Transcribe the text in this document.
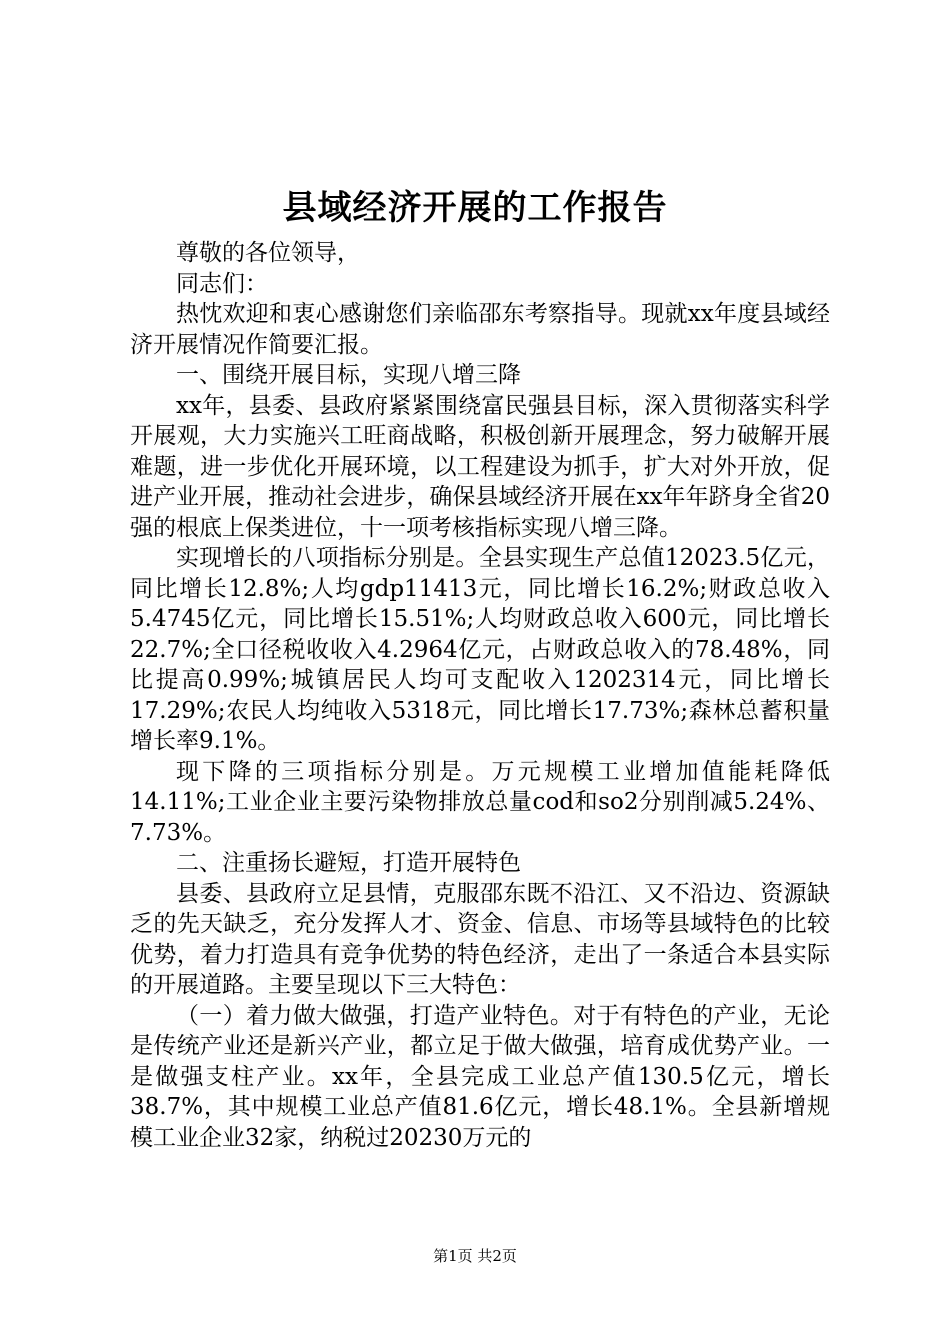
县域经济开展的工作报告

尊敬的各位领导，

同志们：

热忱欢迎和衷心感谢您们亲临邵东考察指导。现就xx年度县域经济开展情况作简要汇报。

一、围绕开展目标，实现八增三降

xx年，县委、县政府紧紧围绕富民强县目标，深入贯彻落实科学开展观，大力实施兴工旺商战略，积极创新开展理念，努力破解开展难题，进一步优化开展环境，以工程建设为抓手，扩大对外开放，促进产业开展，推动社会进步，确保县域经济开展在xx年年跻身全省20强的根底上保类进位，十一项考核指标实现八增三降。

实现增长的八项指标分别是。全县实现生产总值12023.5亿元，同比增长12.8%;人均gdp11413元，同比增长16.2%;财政总收入5.4745亿元，同比增长15.51%;人均财政总收入600元，同比增长22.7%;全口径税收收入4.2964亿元，占财政总收入的78.48%，同比提高0.99%;城镇居民人均可支配收入1202314元，同比增长17.29%;农民人均纯收入5318元，同比增长17.73%;森林总蓄积量增长率9.1%。

现下降的三项指标分别是。万元规模工业增加值能耗降低14.11%;工业企业主要污染物排放总量cod和so2分别削减5.24%、7.73%。

二、注重扬长避短，打造开展特色

县委、县政府立足县情，克服邵东既不沿江、又不沿边、资源缺乏的先天缺乏，充分发挥人才、资金、信息、市场等县域特色的比较优势，着力打造具有竞争优势的特色经济，走出了一条适合本县实际的开展道路。主要呈现以下三大特色：

（一）着力做大做强，打造产业特色。对于有特色的产业，无论是传统产业还是新兴产业，都立足于做大做强，培育成优势产业。一是做强支柱产业。xx年，全县完成工业总产值130.5亿元，增长38.7%，其中规模工业总产值81.6亿元，增长48.1%。全县新增规模工业企业32家，纳税过20230万元的

第1页 共2页
